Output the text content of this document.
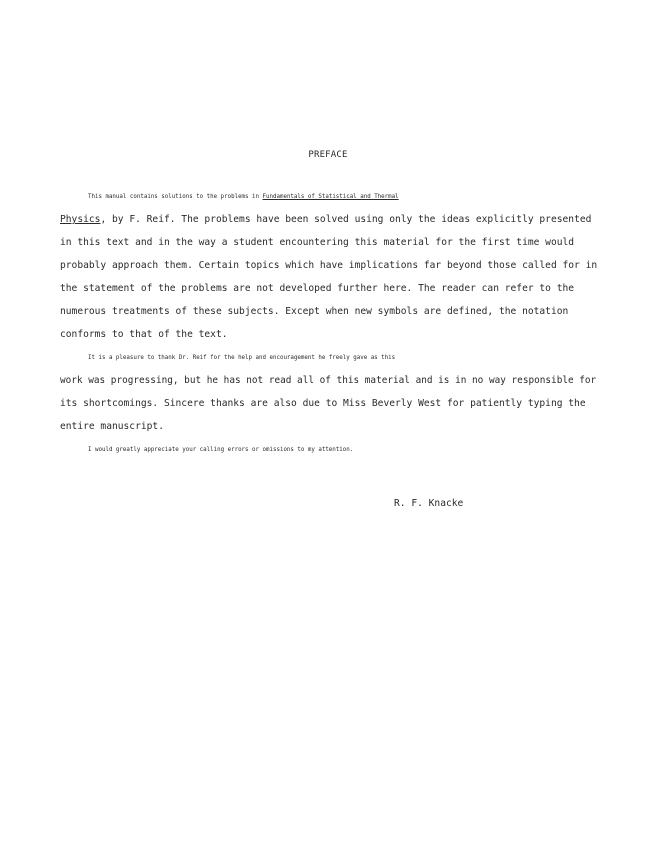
PREFACE
This manual contains solutions to the problems in Fundamentals of Statistical and Thermal
Physics, by F. Reif. The problems have been solved using only the ideas explicitly presented
in this text and in the way a student encountering this material for the first time would
probably approach them. Certain topics which have implications far beyond those called for in
the statement of the problems are not developed further here. The reader can refer to the
numerous treatments of these subjects. Except when new symbols are defined, the notation
conforms to that of the text.
It is a pleasure to thank Dr. Reif for the help and encouragement he freely gave as this
work was progressing, but he has not read all of this material and is in no way responsible for
its shortcomings. Sincere thanks are also due to Miss Beverly West for patiently typing the
entire manuscript.
I would greatly appreciate your calling errors or omissions to my attention.
R. F. Knacke
